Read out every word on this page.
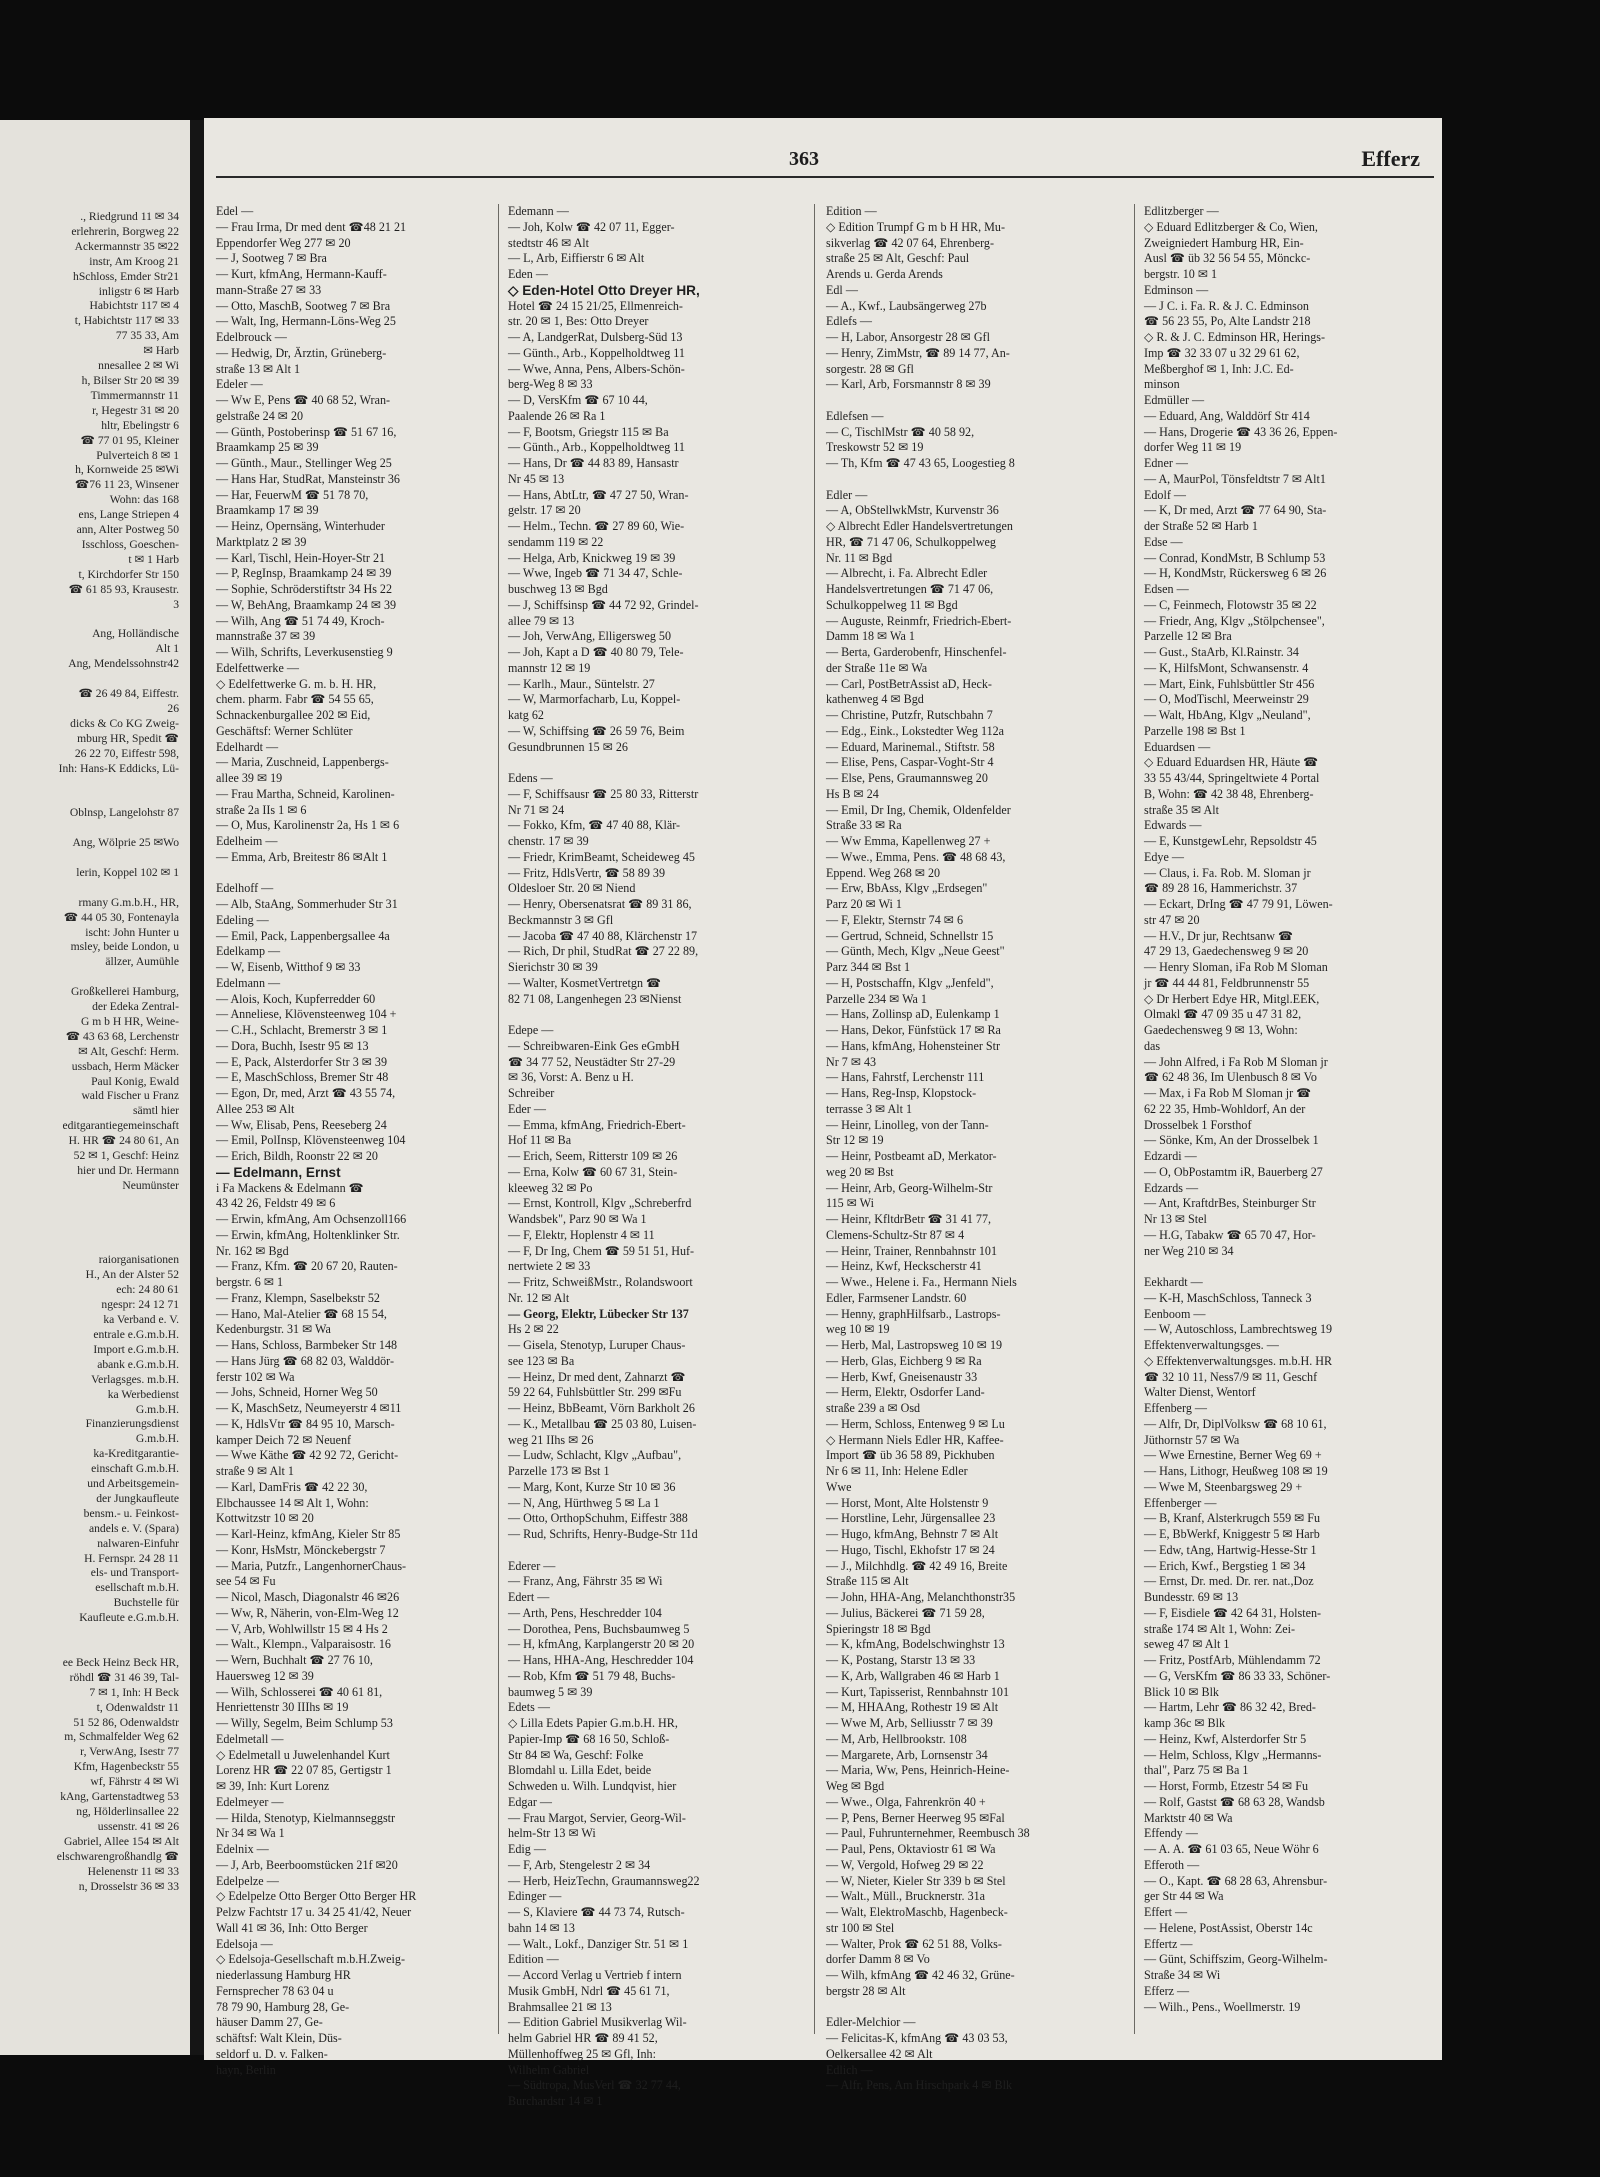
., Riedgrund 11 ✉ 34
erlehrerin, Borgweg 22
Ackermannstr 35 ✉22
instr, Am Kroog 21
hSchloss, Emder Str21
inligstr 6 ✉ Harb
Habichtstr 117 ✉ 4
t, Habichtstr 117 ✉ 33
77 35 33, Am
✉ Harb
nnesallee 2 ✉ Wi
h, Bilser Str 20 ✉ 39
Timmermannstr 11
r, Hegestr 31 ✉ 20
hltr, Ebelingstr 6
☎ 77 01 95, Kleiner
Pulverteich 8 ✉ 1
h, Kornweide 25 ✉Wi
☎76 11 23, Winsener
Wohn: das 168
ens, Lange Striepen 4
ann, Alter Postweg 50
Isschloss, Goeschen-
t ✉ 1 Harb
t, Kirchdorfer Str 150
☎ 61 85 93, Krausestr.
3

Ang, Holländische
Alt 1
Ang, Mendelssohnstr42

☎ 26 49 84, Eiffestr.
26
dicks & Co KG Zweig-
mburg HR, Spedit ☎
26 22 70, Eiffestr 598,
Inh: Hans-K Eddicks, Lü-

Oblnsp, Langelohstr 87

Ang, Wölprie 25 ✉Wo

lerin, Koppel 102 ✉ 1

rmany G.m.b.H., HR,
☎ 44 05 30, Fontenayla
ischt: John Hunter u
msley, beide London, u
ällzer, Aumühle

Großkellerei Hamburg,
der Edeka Zentral-
G m b H HR, Weine-
☎ 43 63 68, Lerchenstr
✉ Alt, Geschf: Herm.
ussbach, Herm Mäcker
Paul Konig, Ewald
wald Fischer u Franz
sämtl hier
editgarantiegemeinschaft
H. HR ☎ 24 80 61, An
52 ✉ 1, Geschf: Heinz
hier und Dr. Hermann
Neumünster

raiorganisationen
H., An der Alster 52
ech: 24 80 61
ngespr: 24 12 71
ka Verband e. V.
entrale e.G.m.b.H.
Import e.G.m.b.H.
abank e.G.m.b.H.
Verlagsges. m.b.H.
ka Werbedienst
G.m.b.H.
Finanzierungsdienst
G.m.b.H.
ka-Kreditgarantie-
einschaft G.m.b.H.
und Arbeitsgemein-
der Jungkaufleute
bensm.- u. Feinkost-
andels e. V. (Spara)
nalwaren-Einfuhr
H. Fernspr. 24 28 11
els- und Transport-
esellschaft m.b.H.
Buchstelle für
Kaufleute e.G.m.b.H.

ee Beck Heinz Beck HR,
röhdl ☎ 31 46 39, Tal-
7 ✉ 1, Inh: H Beck
t, Odenwaldstr 11
51 52 86, Odenwaldstr
m, Schmalfelder Weg 62
r, VerwAng, Isestr 77
Kfm, Hagenbeckstr 55
wf, Fährstr 4 ✉ Wi
kAng, Gartenstadtweg 53
ng, Hölderlinsallee 22
ussenstr. 41 ✉ 26
Gabriel, Allee 154 ✉ Alt
elschwarengroßhandlg ☎
Helenenstr 11 ✉ 33
n, Drosselstr 36 ✉ 33
363	Efferz
Edel —
— Frau Irma, Dr med dent ☎48 21 21
Eppendorfer Weg 277 ✉ 20
— J, Sootweg 7 ✉ Bra
— Kurt, kfmAng, Hermann-Kauff-
mann-Straße 27 ✉ 33
— Otto, MaschB, Sootweg 7 ✉ Bra
— Walt, Ing, Hermann-Löns-Weg 25
Edelbrouck —
— Hedwig, Dr, Ärztin, Grüneberg-
straße 13 ✉ Alt 1
Edeler —
— Ww E, Pens ☎ 40 68 52, Wran-
gelstraße 24 ✉ 20
— Günth, Postoberinsp ☎ 51 67 16,
Braamkamp 25 ✉ 39
— Günth., Maur., Stellinger Weg 25
— Hans Har, StudRat, Mansteinstr 36
— Har, FeuerwM ☎ 51 78 70,
Braamkamp 17 ✉ 39
— Heinz, Opernsäng, Winterhuder
Marktplatz 2 ✉ 39
— Karl, Tischl, Hein-Hoyer-Str 21
— P, RegInsp, Braamkamp 24 ✉ 39
— Sophie, Schröderstiftstr 34 Hs 22
— W, BehAng, Braamkamp 24 ✉ 39
— Wilh, Ang ☎ 51 74 49, Kroch-
mannstraße 37 ✉ 39
— Wilh, Schrifts, Leverkusenstieg 9
Edelfettwerke —
◇ Edelfettwerke G. m. b. H. HR,
chem. pharm. Fabr ☎ 54 55 65,
Schnackenburgallee 202 ✉ Eid,
Geschäftsf: Werner Schlüter
Edelhardt —
— Maria, Zuschneid, Lappenbergs-
allee 39 ✉ 19
— Frau Martha, Schneid, Karolinen-
straße 2a IIs 1 ✉ 6
— O, Mus, Karolinenstr 2a, Hs 1 ✉ 6
Edelheim —
— Emma, Arb, Breitestr 86 ✉Alt 1

Edelhoff —
— Alb, StaAng, Sommerhuder Str 31
Edeling —
— Emil, Pack, Lappenbergsallee 4a
Edelkamp —
— W, Eisenb, Witthof 9 ✉ 33
Edelmann —
— Alois, Koch, Kupferredder 60
— Anneliese, Klövensteenweg 104 +
— C.H., Schlacht, Bremerstr 3 ✉ 1
— Dora, Buchh, Isestr 95 ✉ 13
— E, Pack, Alsterdorfer Str 3 ✉ 39
— E, MaschSchloss, Bremer Str 48
— Egon, Dr, med, Arzt ☎ 43 55 74,
Allee 253 ✉ Alt
— Ww, Elisab, Pens, Reeseberg 24
— Emil, PolInsp, Klövensteenweg 104
— Erich, Bildh, Roonstr 22 ✉ 20
— Edelmann, Ernst
i Fa Mackens & Edelmann ☎
43 42 26, Feldstr 49 ✉ 6
— Erwin, kfmAng, Am Ochsenzoll166
— Erwin, kfmAng, Holtenklinker Str.
Nr. 162 ✉ Bgd
— Franz, Kfm. ☎ 20 67 20, Rauten-
bergstr. 6 ✉ 1
— Franz, Klempn, Saselbekstr 52
— Hano, Mal-Atelier ☎ 68 15 54,
Kedenburgstr. 31 ✉ Wa
— Hans, Schloss, Barmbeker Str 148
— Hans Jürg ☎ 68 82 03, Walddör-
ferstr 102 ✉ Wa
— Johs, Schneid, Horner Weg 50
— K, MaschSetz, Neumeyerstr 4 ✉11
— K, HdlsVtr ☎ 84 95 10, Marsch-
kamper Deich 72 ✉ Neuenf
— Wwe Käthe ☎ 42 92 72, Gericht-
straße 9 ✉ Alt 1
— Karl, DamFris ☎ 42 22 30,
Elbchaussee 14 ✉ Alt 1, Wohn:
Kottwitzstr 10 ✉ 20
— Karl-Heinz, kfmAng, Kieler Str 85
— Konr, HsMstr, Mönckebergstr 7
— Maria, Putzfr., LangenhornerChaus-
see 54 ✉ Fu
— Nicol, Masch, Diagonalstr 46 ✉26
— Ww, R, Näherin, von-Elm-Weg 12
— V, Arb, Wohlwillstr 15 ✉ 4 Hs 2
— Walt., Klempn., Valparaisostr. 16
— Wern, Buchhalt ☎ 27 76 10,
Hauersweg 12 ✉ 39
— Wilh, Schlosserei ☎ 40 61 81,
Henriettenstr 30 IIIhs ✉ 19
— Willy, Segelm, Beim Schlump 53
Edelmetall —
◇ Edelmetall u Juwelenhandel Kurt
Lorenz HR ☎ 22 07 85, Gertigstr 1
✉ 39, Inh: Kurt Lorenz
Edelmeyer —
— Hilda, Stenotyp, Kielmannseggstr
Nr 34 ✉ Wa 1
Edelnix —
— J, Arb, Beerboomstücken 21f ✉20
Edelpelze —
◇ Edelpelze Otto Berger Otto Berger HR
Pelzw Fachtstr 17 u. 34 25 41/42, Neuer
Wall 41 ✉ 36, Inh: Otto Berger
Edelsoja —
◇ Edelsoja-Gesellschaft m.b.H.Zweig-
niederlassung Hamburg HR
Fernsprecher 78 63 04 u
78 79 90, Hamburg 28, Ge-
häuser Damm 27, Ge-
schäftsf: Walt Klein, Düs-
seldorf u. D. v. Falken-
hayn, Berlin
Edemann —
— Joh, Kolw ☎ 42 07 11, Egger-
stedtstr 46 ✉ Alt
— L, Arb, Eiffierstr 6 ✉ Alt
Eden —
◇ Eden-Hotel Otto Dreyer HR,
Hotel ☎ 24 15 21/25, Ellmenreich-
str. 20 ✉ 1, Bes: Otto Dreyer
— A, LandgerRat, Dulsberg-Süd 13
— Günth., Arb., Koppelholdtweg 11
— Wwe, Anna, Pens, Albers-Schön-
berg-Weg 8 ✉ 33
— D, VersKfm ☎ 67 10 44,
Paalende 26 ✉ Ra 1
— F, Bootsm, Griegstr 115 ✉ Ba
— Günth., Arb., Koppelholdtweg 11
— Hans, Dr ☎ 44 83 89, Hansastr
Nr 45 ✉ 13
— Hans, AbtLtr, ☎ 47 27 50, Wran-
gelstr. 17 ✉ 20
— Helm., Techn. ☎ 27 89 60, Wie-
sendamm 119 ✉ 22
— Helga, Arb, Knickweg 19 ✉ 39
— Wwe, Ingeb ☎ 71 34 47, Schle-
buschweg 13 ✉ Bgd
— J, Schiffsinsp ☎ 44 72 92, Grindel-
allee 79 ✉ 13
— Joh, VerwAng, Elligersweg 50
— Joh, Kapt a D ☎ 40 80 79, Tele-
mannstr 12 ✉ 19
— Karlh., Maur., Süntelstr. 27
— W, Marmorfacharb, Lu, Koppel-
katg 62
— W, Schiffsing ☎ 26 59 76, Beim
Gesundbrunnen 15 ✉ 26

Edens —
— F, Schiffsausr ☎ 25 80 33, Ritterstr
Nr 71 ✉ 24
— Fokko, Kfm, ☎ 47 40 88, Klär-
chenstr. 17 ✉ 39
— Friedr, KrimBeamt, Scheideweg 45
— Fritz, HdlsVertr, ☎ 58 89 39
Oldesloer Str. 20 ✉ Niend
— Henry, Obersenatsrat ☎ 89 31 86,
Beckmannstr 3 ✉ Gfl
— Jacoba ☎ 47 40 88, Klärchenstr 17
— Rich, Dr phil, StudRat ☎ 27 22 89,
Sierichstr 30 ✉ 39
— Walter, KosmetVertretgn ☎
82 71 08, Langenhegen 23 ✉Nienst

Edepe —
— Schreibwaren-Eink Ges eGmbH
☎ 34 77 52, Neustädter Str 27-29
✉ 36, Vorst: A. Benz u H.
Schreiber
Eder —
— Emma, kfmAng, Friedrich-Ebert-
Hof 11 ✉ Ba
— Erich, Seem, Ritterstr 109 ✉ 26
— Erna, Kolw ☎ 60 67 31, Stein-
kleeweg 32 ✉ Po
— Ernst, Kontroll, Klgv „Schreberfrd
Wandsbek", Parz 90 ✉ Wa 1
— F, Elektr, Hoplenstr 4 ✉ 11
— F, Dr Ing, Chem ☎ 59 51 51, Huf-
nertwiete 2 ✉ 33
— Fritz, SchweißMstr., Rolandswoort
Nr. 12 ✉ Alt
— Georg, Elektr, Lübecker Str 137
Hs 2 ✉ 22
— Gisela, Stenotyp, Luruper Chaus-
see 123 ✉ Ba
— Heinz, Dr med dent, Zahnarzt ☎
59 22 64, Fuhlsbüttler Str. 299 ✉Fu
— Heinz, BbBeamt, Vörn Barkholt 26
— K., Metallbau ☎ 25 03 80, Luisen-
weg 21 IIhs ✉ 26
— Ludw, Schlacht, Klgv „Aufbau",
Parzelle 173 ✉ Bst 1
— Marg, Kont, Kurze Str 10 ✉ 36
— N, Ang, Hürthweg 5 ✉ La 1
— Otto, OrthopSchuhm, Eiffestr 388
— Rud, Schrifts, Henry-Budge-Str 11d

Ederer —
— Franz, Ang, Fährstr 35 ✉ Wi
Edert —
— Arth, Pens, Heschredder 104
— Dorothea, Pens, Buchsbaumweg 5
— H, kfmAng, Karplangerstr 20 ✉ 20
— Hans, HHA-Ang, Heschredder 104
— Rob, Kfm ☎ 51 79 48, Buchs-
baumweg 5 ✉ 39
Edets —
◇ Lilla Edets Papier G.m.b.H. HR,
Papier-Imp ☎ 68 16 50, Schloß-
Str 84 ✉ Wa, Geschf: Folke
Blomdahl u. Lilla Edet, beide
Schweden u. Wilh. Lundqvist, hier
Edgar —
— Frau Margot, Servier, Georg-Wil-
helm-Str 13 ✉ Wi
Edig —
— F, Arb, Stengelestr 2 ✉ 34
— Herb, HeizTechn, Graumannsweg22
Edinger —
— S, Klaviere ☎ 44 73 74, Rutsch-
bahn 14 ✉ 13
— Walt., Lokf., Danziger Str. 51 ✉ 1
Edition —
— Accord Verlag u Vertrieb f intern
Musik GmbH, Ndrl ☎ 45 61 71,
Brahmsallee 21 ✉ 13
— Edition Gabriel Musikverlag Wil-
helm Gabriel HR ☎ 89 41 52,
Müllenhoffweg 25 ✉ Gfl, Inh:
Wilhelm Gabriel
— Südtropa, MusVerl ☎ 32 77 44,
Burchardstr 14 ✉ 1
Edition —
◇ Edition Trumpf G m b H HR, Mu-
sikverlag ☎ 42 07 64, Ehrenberg-
straße 25 ✉ Alt, Geschf: Paul
Arends u. Gerda Arends
Edl —
— A., Kwf., Laubsängerweg 27b
Edlefs —
— H, Labor, Ansorgestr 28 ✉ Gfl
— Henry, ZimMstr, ☎ 89 14 77, An-
sorgestr. 28 ✉ Gfl
— Karl, Arb, Forsmannstr 8 ✉ 39

Edlefsen —
— C, TischlMstr ☎ 40 58 92,
Treskowstr 52 ✉ 19
— Th, Kfm ☎ 47 43 65, Loogestieg 8

Edler —
— A, ObStellwkMstr, Kurvenstr 36
◇ Albrecht Edler Handelsvertretungen
HR, ☎ 71 47 06, Schulkoppelweg
Nr. 11 ✉ Bgd
— Albrecht, i. Fa. Albrecht Edler
Handelsvertretungen ☎ 71 47 06,
Schulkoppelweg 11 ✉ Bgd
— Auguste, Reinmfr, Friedrich-Ebert-
Damm 18 ✉ Wa 1
— Berta, Garderobenfr, Hinschenfel-
der Straße 11e ✉ Wa
— Carl, PostBetrAssist aD, Heck-
kathenweg 4 ✉ Bgd
— Christine, Putzfr, Rutschbahn 7
— Edg., Eink., Lokstedter Weg 112a
— Eduard, Marinemal., Stiftstr. 58
— Elise, Pens, Caspar-Voght-Str 4
— Else, Pens, Graumannsweg 20
Hs B ✉ 24
— Emil, Dr Ing, Chemik, Oldenfelder
Straße 33 ✉ Ra
— Ww Emma, Kapellenweg 27 +
— Wwe., Emma, Pens. ☎ 48 68 43,
Eppend. Weg 268 ✉ 20
— Erw, BbAss, Klgv „Erdsegen"
Parz 20 ✉ Wi 1
— F, Elektr, Sternstr 74 ✉ 6
— Gertrud, Schneid, Schnellstr 15
— Günth, Mech, Klgv „Neue Geest"
Parz 344 ✉ Bst 1
— H, Postschaffn, Klgv „Jenfeld",
Parzelle 234 ✉ Wa 1
— Hans, Zollinsp aD, Eulenkamp 1
— Hans, Dekor, Fünfstück 17 ✉ Ra
— Hans, kfmAng, Hohensteiner Str
Nr 7 ✉ 43
— Hans, Fahrstf, Lerchenstr 111
— Hans, Reg-Insp, Klopstock-
terrasse 3 ✉ Alt 1
— Heinr, Linolleg, von der Tann-
Str 12 ✉ 19
— Heinr, Postbeamt aD, Merkator-
weg 20 ✉ Bst
— Heinr, Arb, Georg-Wilhelm-Str
115 ✉ Wi
— Heinr, KfltdrBetr ☎ 31 41 77,
Clemens-Schultz-Str 87 ✉ 4
— Heinr, Trainer, Rennbahnstr 101
— Heinz, Kwf, Heckscherstr 41
— Wwe., Helene i. Fa., Hermann Niels
Edler, Farmsener Landstr. 60
— Henny, graphHilfsarb., Lastrops-
weg 10 ✉ 19
— Herb, Mal, Lastropsweg 10 ✉ 19
— Herb, Glas, Eichberg 9 ✉ Ra
— Herb, Kwf, Gneisenaustr 33
— Herm, Elektr, Osdorfer Land-
straße 239 a ✉ Osd
— Herm, Schloss, Entenweg 9 ✉ Lu
◇ Hermann Niels Edler HR, Kaffee-
Import ☎ üb 36 58 89, Pickhuben
Nr 6 ✉ 11, Inh: Helene Edler
Wwe
— Horst, Mont, Alte Holstenstr 9
— Horstline, Lehr, Jürgensallee 23
— Hugo, kfmAng, Behnstr 7 ✉ Alt
— Hugo, Tischl, Ekhofstr 17 ✉ 24
— J., Milchhdlg. ☎ 42 49 16, Breite
Straße 115 ✉ Alt
— John, HHA-Ang, Melanchthonstr35
— Julius, Bäckerei ☎ 71 59 28,
Spieringstr 18 ✉ Bgd
— K, kfmAng, Bodelschwinghstr 13
— K, Postang, Starstr 13 ✉ 33
— K, Arb, Wallgraben 46 ✉ Harb 1
— Kurt, Tapisserist, Rennbahnstr 101
— M, HHAAng, Rothestr 19 ✉ Alt
— Wwe M, Arb, Selliusstr 7 ✉ 39
— M, Arb, Hellbrookstr. 108
— Margarete, Arb, Lornsenstr 34
— Maria, Ww, Pens, Heinrich-Heine-
Weg ✉ Bgd
— Wwe., Olga, Fahrenkrön 40 +
— P, Pens, Berner Heerweg 95 ✉Fal
— Paul, Fuhrunternehmer, Reembusch 38
— Paul, Pens, Oktaviostr 61 ✉ Wa
— W, Vergold, Hofweg 29 ✉ 22
— W, Nieter, Kieler Str 339 b ✉ Stel
— Walt., Müll., Brucknerstr. 31a
— Walt, ElektroMaschb, Hagenbeck-
str 100 ✉ Stel
— Walter, Prok ☎ 62 51 88, Volks-
dorfer Damm 8 ✉ Vo
— Wilh, kfmAng ☎ 42 46 32, Grüne-
bergstr 28 ✉ Alt

Edler-Melchior —
— Felicitas-K, kfmAng ☎ 43 03 53,
Oelkersallee 42 ✉ Alt
Edlich —
— Alfr, Pens, Am Hirschpark 4 ✉ Blk
Edlitzberger —
◇ Eduard Edlitzberger & Co, Wien,
Zweigniedert Hamburg HR, Ein-
Ausl ☎ üb 32 56 54 55, Mönckc-
bergstr. 10 ✉ 1
Edminson —
— J C. i. Fa. R. & J. C. Edminson
☎ 56 23 55, Po, Alte Landstr 218
◇ R. & J. C. Edminson HR, Herings-
Imp ☎ 32 33 07 u 32 29 61 62,
Meßberghof ✉ 1, Inh: J.C. Ed-
minson
Edmüller —
— Eduard, Ang, Walddörf Str 414
— Hans, Drogerie ☎ 43 36 26, Eppen-
dorfer Weg 11 ✉ 19
Edner —
— A, MaurPol, Tönsfeldtstr 7 ✉ Alt1
Edolf —
— K, Dr med, Arzt ☎ 77 64 90, Sta-
der Straße 52 ✉ Harb 1
Edse —
— Conrad, KondMstr, B Schlump 53
— H, KondMstr, Rückersweg 6 ✉ 26
Edsen —
— C, Feinmech, Flotowstr 35 ✉ 22
— Friedr, Ang, Klgv „Stölpchensee",
Parzelle 12 ✉ Bra
— Gust., StaArb, Kl.Rainstr. 34
— K, HilfsMont, Schwansenstr. 4
— Mart, Eink, Fuhlsbüttler Str 456
— O, ModTischl, Meerweinstr 29
— Walt, HbAng, Klgv „Neuland",
Parzelle 198 ✉ Bst 1
Eduardsen —
◇ Eduard Eduardsen HR, Häute ☎
33 55 43/44, Springeltwiete 4 Portal
B, Wohn: ☎ 42 38 48, Ehrenberg-
straße 35 ✉ Alt
Edwards —
— E, KunstgewLehr, Repsoldstr 45
Edye —
— Claus, i. Fa. Rob. M. Sloman jr
☎ 89 28 16, Hammerichstr. 37
— Eckart, DrIng ☎ 47 79 91, Löwen-
str 47 ✉ 20
— H.V., Dr jur, Rechtsanw ☎
47 29 13, Gaedechensweg 9 ✉ 20
— Henry Sloman, iFa Rob M Sloman
jr ☎ 44 44 81, Feldbrunnenstr 55
◇ Dr Herbert Edye HR, Mitgl.EEK,
Olmakl ☎ 47 09 35 u 47 31 82,
Gaedechensweg 9 ✉ 13, Wohn:
das
— John Alfred, i Fa Rob M Sloman jr
☎ 62 48 36, Im Ulenbusch 8 ✉ Vo
— Max, i Fa Rob M Sloman jr ☎
62 22 35, Hmb-Wohldorf, An der
Drosselbek 1 Forsthof
— Sönke, Km, An der Drosselbek 1
Edzardi —
— O, ObPostamtm iR, Bauerberg 27
Edzards —
— Ant, KraftdrBes, Steinburger Str
Nr 13 ✉ Stel
— H.G, Tabakw ☎ 65 70 47, Hor-
ner Weg 210 ✉ 34

Eekhardt —
— K-H, MaschSchloss, Tanneck 3
Eenboom —
— W, Autoschloss, Lambrechtsweg 19
Effektenverwaltungsges. —
◇ Effektenverwaltungsges. m.b.H. HR
☎ 32 10 11, Ness7/9 ✉ 11, Geschf
Walter Dienst, Wentorf
Effenberg —
— Alfr, Dr, DiplVolksw ☎ 68 10 61,
Jüthornstr 57 ✉ Wa
— Wwe Ernestine, Berner Weg 69 +
— Hans, Lithogr, Heußweg 108 ✉ 19
— Wwe M, Steenbargsweg 29 +
Effenberger —
— B, Kranf, Alsterkrugch 559 ✉ Fu
— E, BbWerkf, Kniggestr 5 ✉ Harb
— Edw, tAng, Hartwig-Hesse-Str 1
— Erich, Kwf., Bergstieg 1 ✉ 34
— Ernst, Dr. med. Dr. rer. nat.,Doz
Bundesstr. 69 ✉ 13
— F, Eisdiele ☎ 42 64 31, Holsten-
straße 174 ✉ Alt 1, Wohn: Zei-
seweg 47 ✉ Alt 1
— Fritz, PostfArb, Mühlendamm 72
— G, VersKfm ☎ 86 33 33, Schöner-
Blick 10 ✉ Blk
— Hartm, Lehr ☎ 86 32 42, Bred-
kamp 36c ✉ Blk
— Heinz, Kwf, Alsterdorfer Str 5
— Helm, Schloss, Klgv „Hermanns-
thal", Parz 75 ✉ Ba 1
— Horst, Formb, Etzestr 54 ✉ Fu
— Rolf, Gastst ☎ 68 63 28, Wandsb
Marktstr 40 ✉ Wa
Effendy —
— A. A. ☎ 61 03 65, Neue Wöhr 6
Efferoth —
— O., Kapt. ☎ 68 28 63, Ahrensbur-
ger Str 44 ✉ Wa
Effert —
— Helene, PostAssist, Oberstr 14c
Effertz —
— Günt, Schiffszim, Georg-Wilhelm-
Straße 34 ✉ Wi
Efferz —
— Wilh., Pens., Woellmerstr. 19
